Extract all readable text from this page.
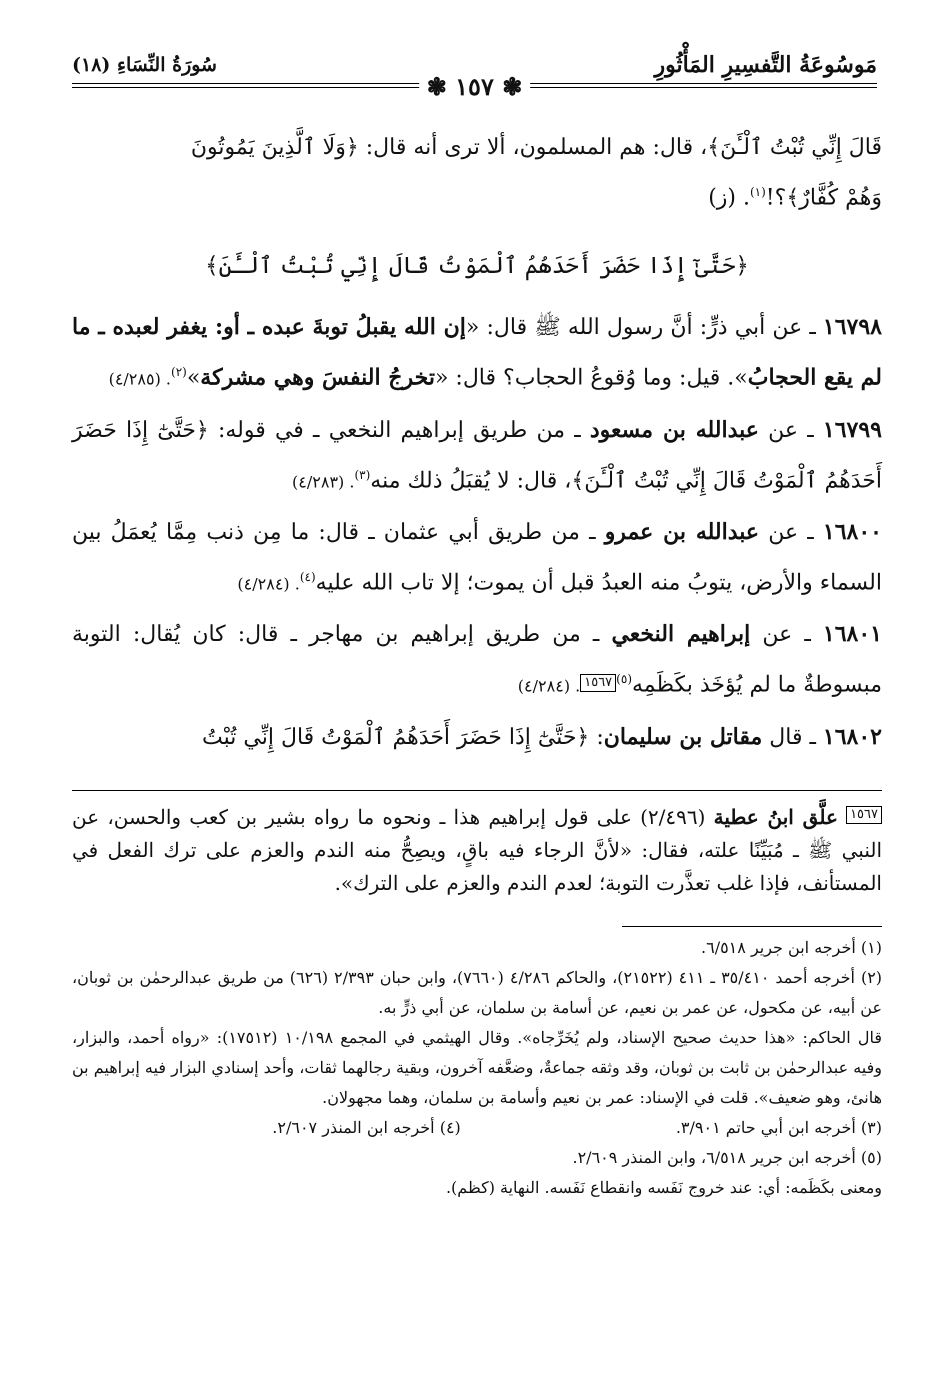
مَوسُوعَةُ التَّفسِيرِ المَأْثُورِ
❃ ١٥٧ ❃
سُورَةُ النِّسَاءِ (١٨)

قَالَ إِنِّي تُبْتُ ٱلْـَٔنَ﴾، قال: هم المسلمون، ألا ترى أنه قال: ﴿وَلَا ٱلَّذِينَ يَمُوتُونَ

وَهُمْ كُفَّارٌ﴾؟!$^{(١)}$. (ز)

﴿حَتَّىٰٓ إِذَا حَضَرَ أَحَدَهُمُ ٱلْمَوْتُ قَالَ إِنِّي تُبْتُ ٱلْـَٔنَ﴾

١٦٧٩٨ ـ عن أبي ذرٍّ: أنَّ رسول الله ﷺ قال: «إن الله يقبلُ توبةَ عبده ـ أو: يغفر لعبده ـ ما لم يقع الحجابُ». قيل: وما وُقوعُ الحجاب؟ قال: «تخرجُ النفسَ وهي مشركة»$^{(٢)}$. (٤/٢٨٥)

١٦٧٩٩ ـ عن عبدالله بن مسعود ـ من طريق إبراهيم النخعي ـ في قوله: ﴿حَتَّىٰٓ إِذَا حَضَرَ أَحَدَهُمُ ٱلْمَوْتُ قَالَ إِنِّي تُبْتُ ٱلْـَٔنَ﴾، قال: لا يُقبَلُ ذلك منه$^{(٣)}$. (٤/٢٨٣)

١٦٨٠٠ ـ عن عبدالله بن عمرو ـ من طريق أبي عثمان ـ قال: ما مِن ذنب مِمَّا يُعمَلُ بين السماء والأرض، يتوبُ منه العبدُ قبل أن يموت؛ إلا تاب الله عليه$^{(٤)}$. (٤/٢٨٤)

١٦٨٠١ ـ عن إبراهيم النخعي ـ من طريق إبراهيم بن مهاجر ـ قال: كان يُقال: التوبة مبسوطةٌ ما لم يُؤخَذ بكَظَمِه$^{(٥)}$١٥٦٧. (٤/٢٨٤)

١٦٨٠٢ ـ قال مقاتل بن سليمان: ﴿حَتَّىٰٓ إِذَا حَضَرَ أَحَدَهُمُ ٱلْمَوْتُ قَالَ إِنِّي تُبْتُ

١٥٦٧ علَّق ابنُ عطية (٢/٤٩٦) على قول إبراهيم هذا ـ ونحوه ما رواه بشير بن كعب والحسن، عن النبي ﷺ ـ مُبَيِّنًا علته، فقال: «لأنَّ الرجاء فيه باقٍ، ويصِحُّ منه الندم والعزم على ترك الفعل في المستأنف، فإذا غلب تعذَّرت التوبة؛ لعدم الندم والعزم على الترك».
(١) أخرجه ابن جرير ٦/٥١٨.
(٢) أخرجه أحمد ٣٥/٤١٠ ـ ٤١١ (٢١٥٢٢)، والحاكم ٤/٢٨٦ (٧٦٦٠)، وابن حبان ٢/٣٩٣ (٦٢٦) من طريق عبدالرحمٰن بن ثوبان، عن أبيه، عن مكحول، عن عمر بن نعيم، عن أسامة بن سلمان، عن أبي ذرٍّ به.
قال الحاكم: «هذا حديث صحيح الإسناد، ولم يُخَرِّجاه». وقال الهيثمي في المجمع ١٠/١٩٨ (١٧٥١٢): «رواه أحمد، والبزار، وفيه عبدالرحمٰن بن ثابت بن ثوبان، وقد وثقه جماعةٌ، وضعَّفه آخرون، وبقية رجالهما ثقات، وأحد إسنادي البزار فيه إبراهيم بن هانئ، وهو ضعيف». قلت في الإسناد: عمر بن نعيم وأسامة بن سلمان، وهما مجهولان.
(٣) أخرجه ابن أبي حاتم ٣/٩٠١.
(٤) أخرجه ابن المنذر ٢/٦٠٧.
(٥) أخرجه ابن جرير ٦/٥١٨، وابن المنذر ٢/٦٠٩.
ومعنى بكَظَمه: أي: عند خروج نَفَسه وانقطاع نَفَسه. النهاية (كظم).
